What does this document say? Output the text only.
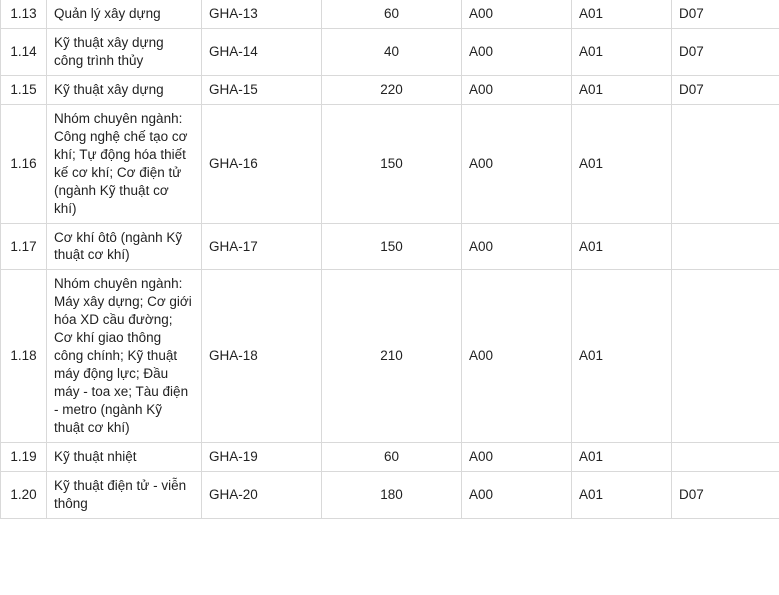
1.13	Quản lý xây dựng	GHA-13	60	A00	A01	D07
1.14	Kỹ thuật xây dựng công trình thủy	GHA-14	40	A00	A01	D07
1.15	Kỹ thuật xây dựng	GHA-15	220	A00	A01	D07
1.16	Nhóm chuyên ngành: Công nghệ chế tạo cơ khí; Tự động hóa thiết kế cơ khí; Cơ điện tử (ngành Kỹ thuật cơ khí)	GHA-16	150	A00	A01	
1.17	Cơ khí ôtô (ngành Kỹ thuật cơ khí)	GHA-17	150	A00	A01	
1.18	Nhóm chuyên ngành: Máy xây dựng; Cơ giới hóa XD cầu đường; Cơ khí giao thông công chính; Kỹ thuật máy động lực; Đầu máy - toa xe; Tàu điện - metro (ngành Kỹ thuật cơ khí)	GHA-18	210	A00	A01	
1.19	Kỹ thuật nhiệt	GHA-19	60	A00	A01	
1.20	Kỹ thuật điện tử - viễn thông	GHA-20	180	A00	A01	D07
